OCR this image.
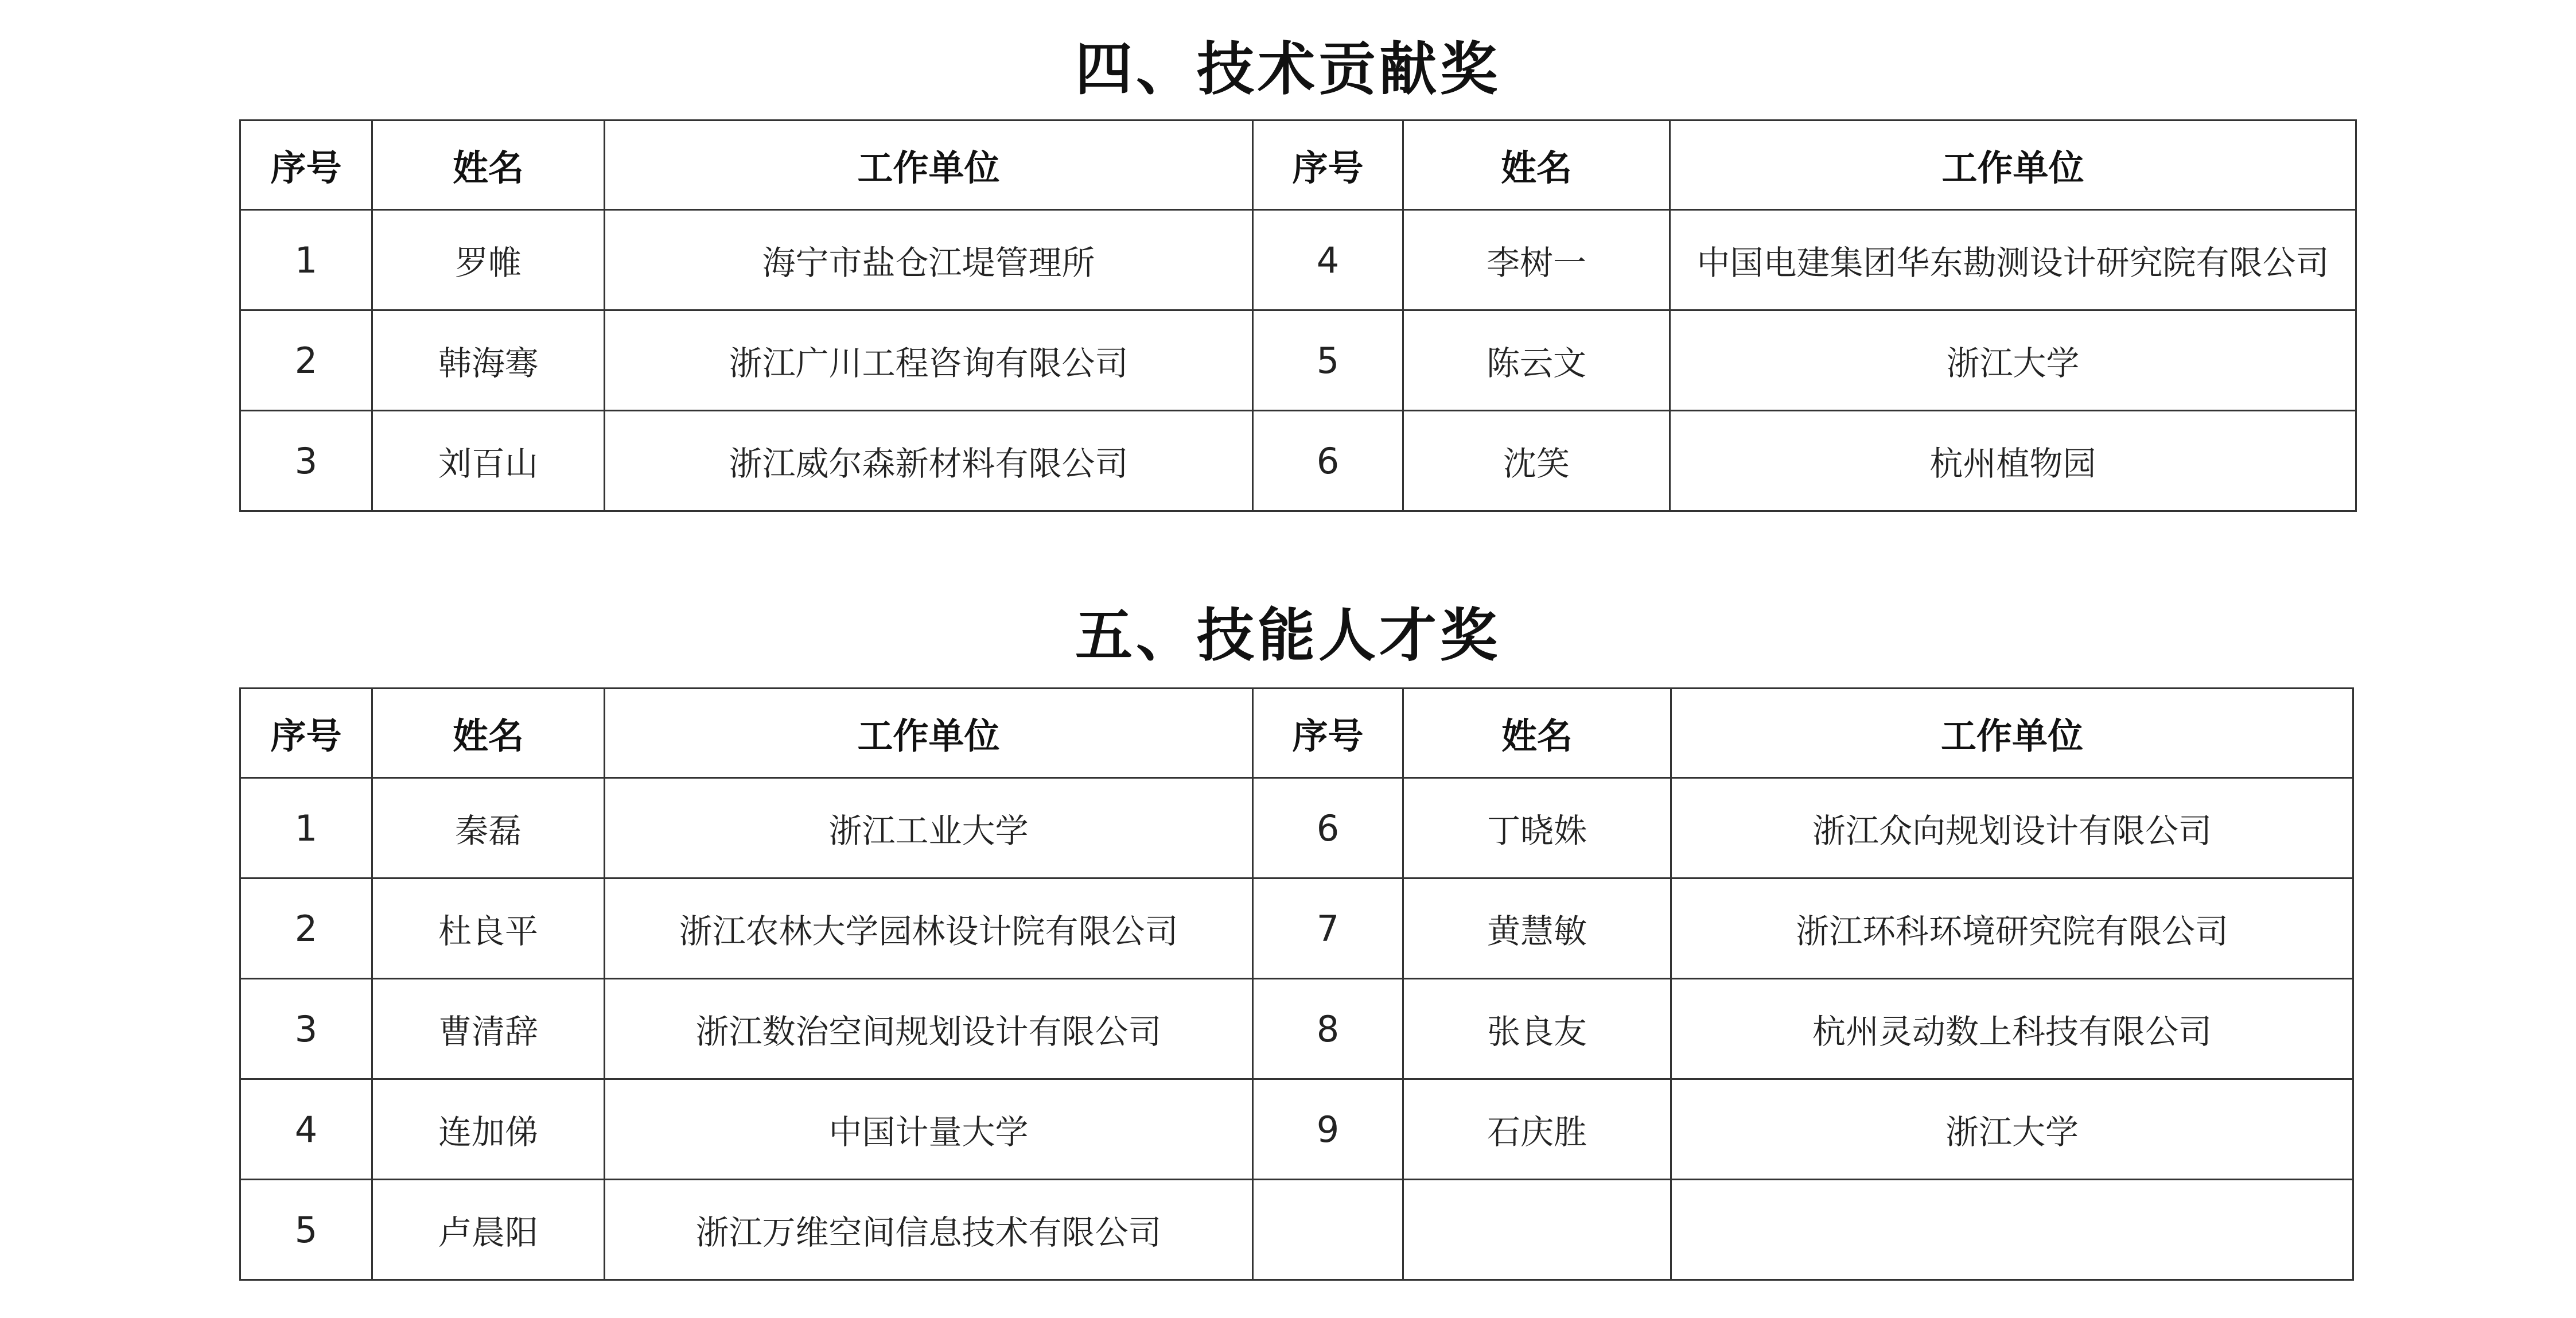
四、技术贡献奖
序号	姓名	工作单位	序号	姓名	工作单位
1	罗帷	海宁市盐仓江堤管理所	4	李树一	中国电建集团华东勘测设计研究院有限公司
2	韩海骞	浙江广川工程咨询有限公司	5	陈云文	浙江大学
3	刘百山	浙江威尔森新材料有限公司	6	沈笑	杭州植物园
五、技能人才奖
序号	姓名	工作单位	序号	姓名	工作单位
1	秦磊	浙江工业大学	6	丁晓姝	浙江众向规划设计有限公司
2	杜良平	浙江农林大学园林设计院有限公司	7	黄慧敏	浙江环科环境研究院有限公司
3	曹清辞	浙江数治空间规划设计有限公司	8	张良友	杭州灵动数上科技有限公司
4	连加俤	中国计量大学	9	石庆胜	浙江大学
5	卢晨阳	浙江万维空间信息技术有限公司			
